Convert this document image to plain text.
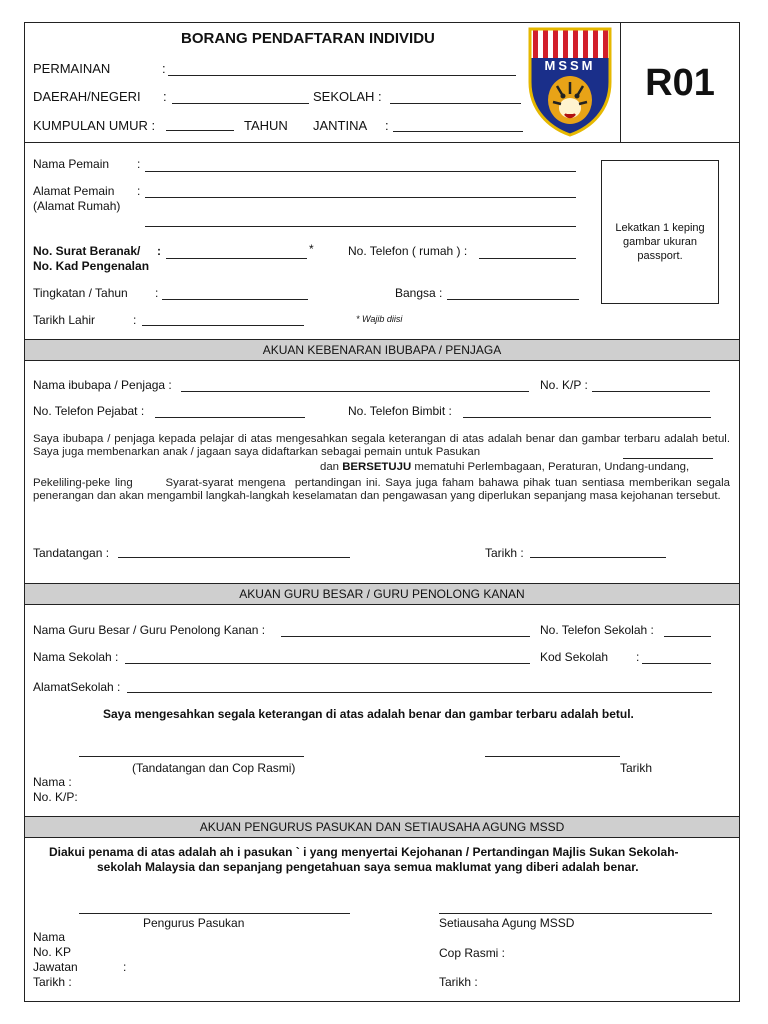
BORANG PENDAFTARAN INDIVIDU
PERMAINAN	:
DAERAH/NEGERI :	SEKOLAH :
KUMPULAN UMUR :	TAHUN JANTINA :
MSSM	R01
Nama Pemain :
Alamat Pemain :
(Alamat Rumah)
No. Surat Beranak/
No. Kad Pengenalan
:	*	No. Telefon ( rumah ) :
Tingkatan / Tahun :	Bangsa :
Tarikh Lahir	:	* Wajib diisi
Lekatkan 1 keping gambar ukuran passport.
AKUAN KEBENARAN IBUBAPA / PENJAGA
Nama ibubapa / Penjaga :	No. K/P :
No. Telefon Pejabat :	No. Telefon Bimbit :
Saya ibubapa / penjaga kepada pelajar di atas mengesahkan segala keterangan di atas adalah benar dan gambar terbaru adalah betul. Saya juga membenarkan anak / jagaan saya didaftarkan sebagai pemain untuk Pasukan
dan BERSETUJU mematuhi Perlembagaan, Peraturan, Undang-undang,
Pekeliling-peke ling       Syarat-syarat mengena  pertandingan ini. Saya juga faham bahawa pihak tuan sentiasa memberikan segala penerangan dan akan mengambil langkah-langkah keselamatan dan pengawasan yang diperlukan sepanjang masa kejohanan tersebut.
Tandatangan :	Tarikh :
AKUAN GURU BESAR / GURU PENOLONG KANAN
Nama Guru Besar / Guru Penolong Kanan :	No. Telefon Sekolah :
Nama Sekolah :	Kod Sekolah :
AlamatSekolah :
Saya mengesahkan segala keterangan di atas adalah benar dan gambar terbaru adalah betul.
(Tandatangan dan Cop Rasmi)	Tarikh
Nama :
No. K/P:
AKUAN PENGURUS PASUKAN DAN SETIAUSAHA AGUNG MSSD
Diakui penama di atas adalah ah i pasukan ` i yang menyertai Kejohanan / Pertandingan Majlis Sukan Sekolah-
sekolah Malaysia dan sepanjang pengetahuan saya semua maklumat yang diberi adalah benar.
Pengurus Pasukan	Setiausaha Agung MSSD
Nama
No. KP	Cop Rasmi :
Jawatan	:
Tarikh :	Tarikh :
